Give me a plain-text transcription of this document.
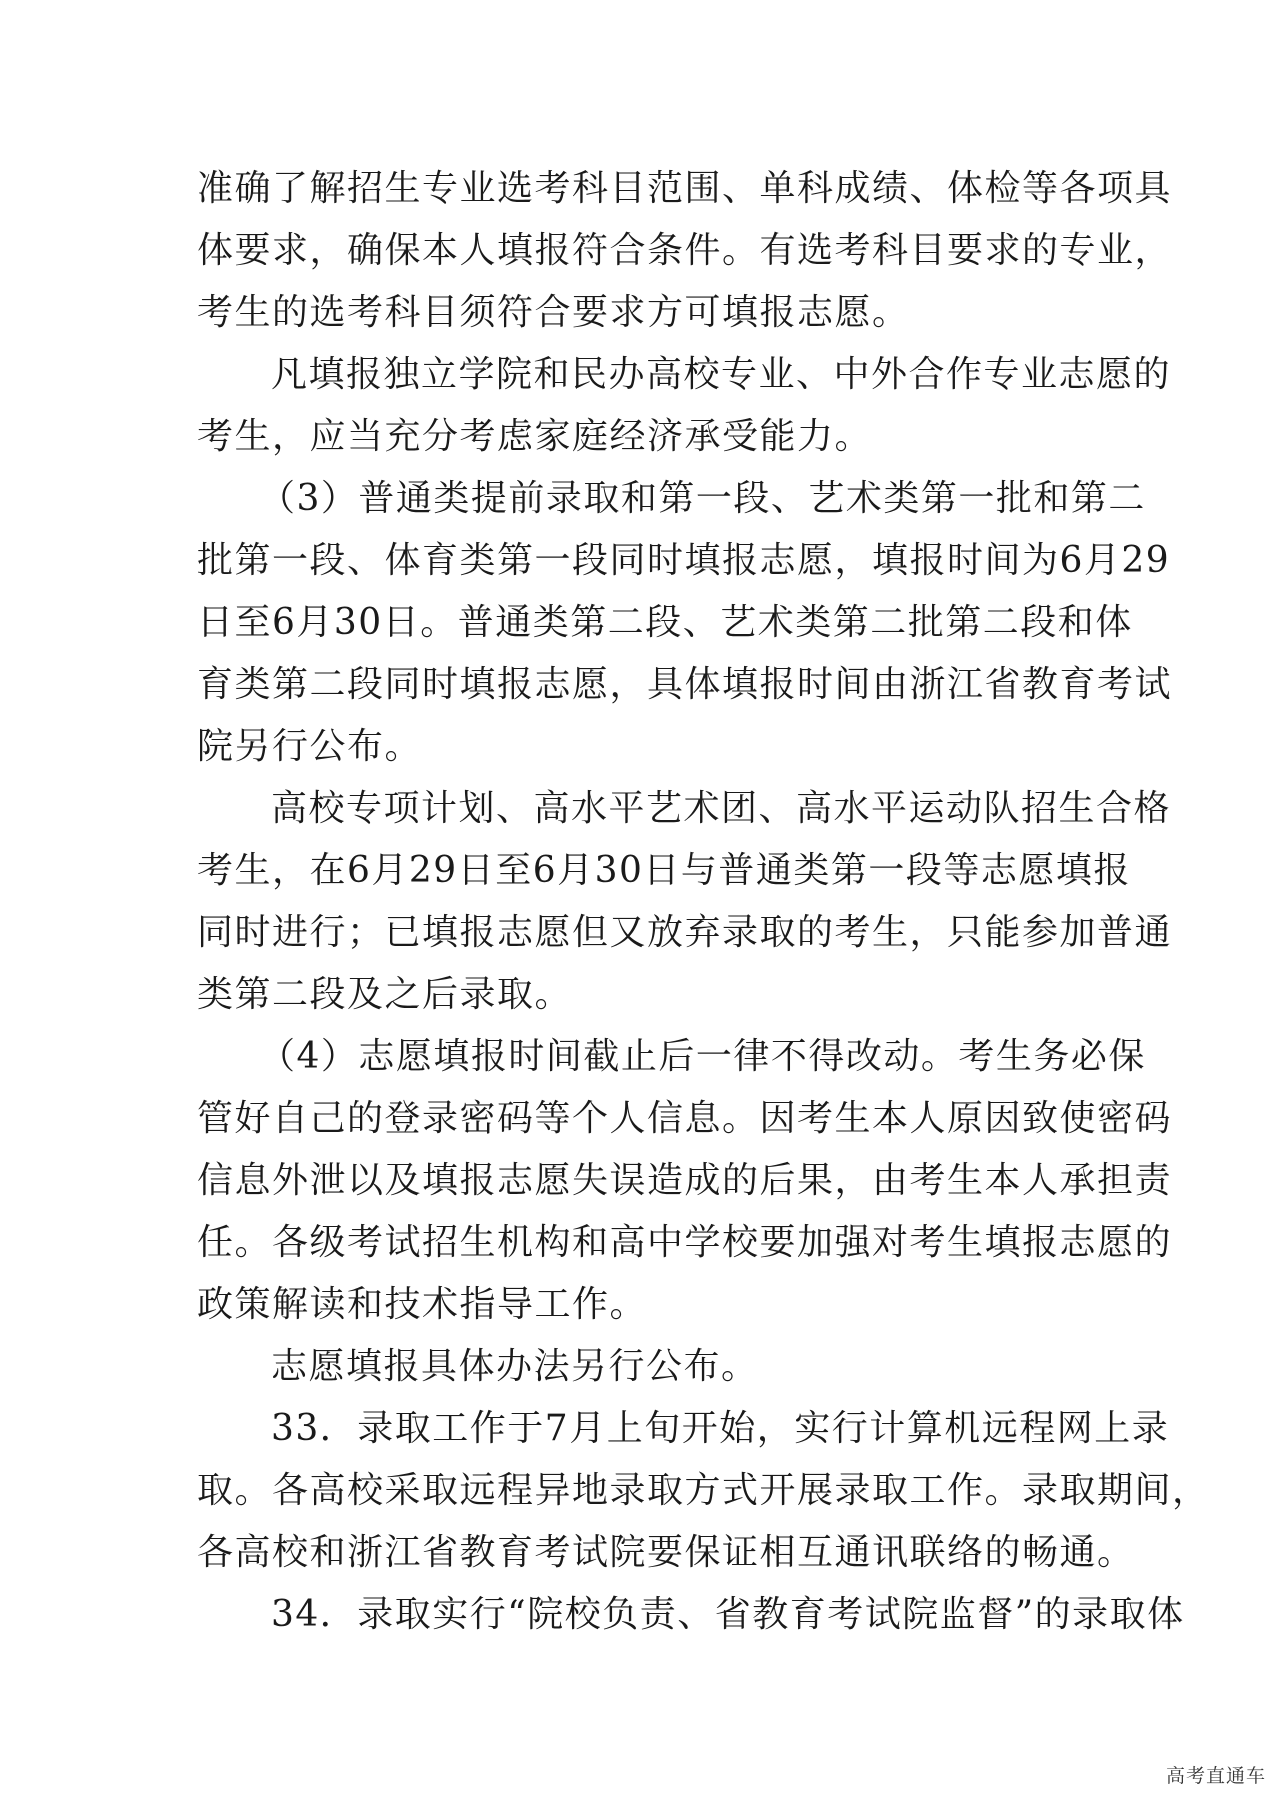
准确了解招生专业选考科目范围、单科成绩、体检等各项具
体要求，确保本人填报符合条件。有选考科目要求的专业，
考生的选考科目须符合要求方可填报志愿。
凡填报独立学院和民办高校专业、中外合作专业志愿的
考生，应当充分考虑家庭经济承受能力。
（3）普通类提前录取和第一段、艺术类第一批和第二
批第一段、体育类第一段同时填报志愿，填报时间为6月29
日至6月30日。普通类第二段、艺术类第二批第二段和体
育类第二段同时填报志愿，具体填报时间由浙江省教育考试
院另行公布。
高校专项计划、高水平艺术团、高水平运动队招生合格
考生，在6月29日至6月30日与普通类第一段等志愿填报
同时进行；已填报志愿但又放弃录取的考生，只能参加普通
类第二段及之后录取。
（4）志愿填报时间截止后一律不得改动。考生务必保
管好自己的登录密码等个人信息。因考生本人原因致使密码
信息外泄以及填报志愿失误造成的后果，由考生本人承担责
任。各级考试招生机构和高中学校要加强对考生填报志愿的
政策解读和技术指导工作。
志愿填报具体办法另行公布。
33．录取工作于7月上旬开始，实行计算机远程网上录
取。各高校采取远程异地录取方式开展录取工作。录取期间，
各高校和浙江省教育考试院要保证相互通讯联络的畅通。
34．录取实行“院校负责、省教育考试院监督”的录取体
高考直通车
